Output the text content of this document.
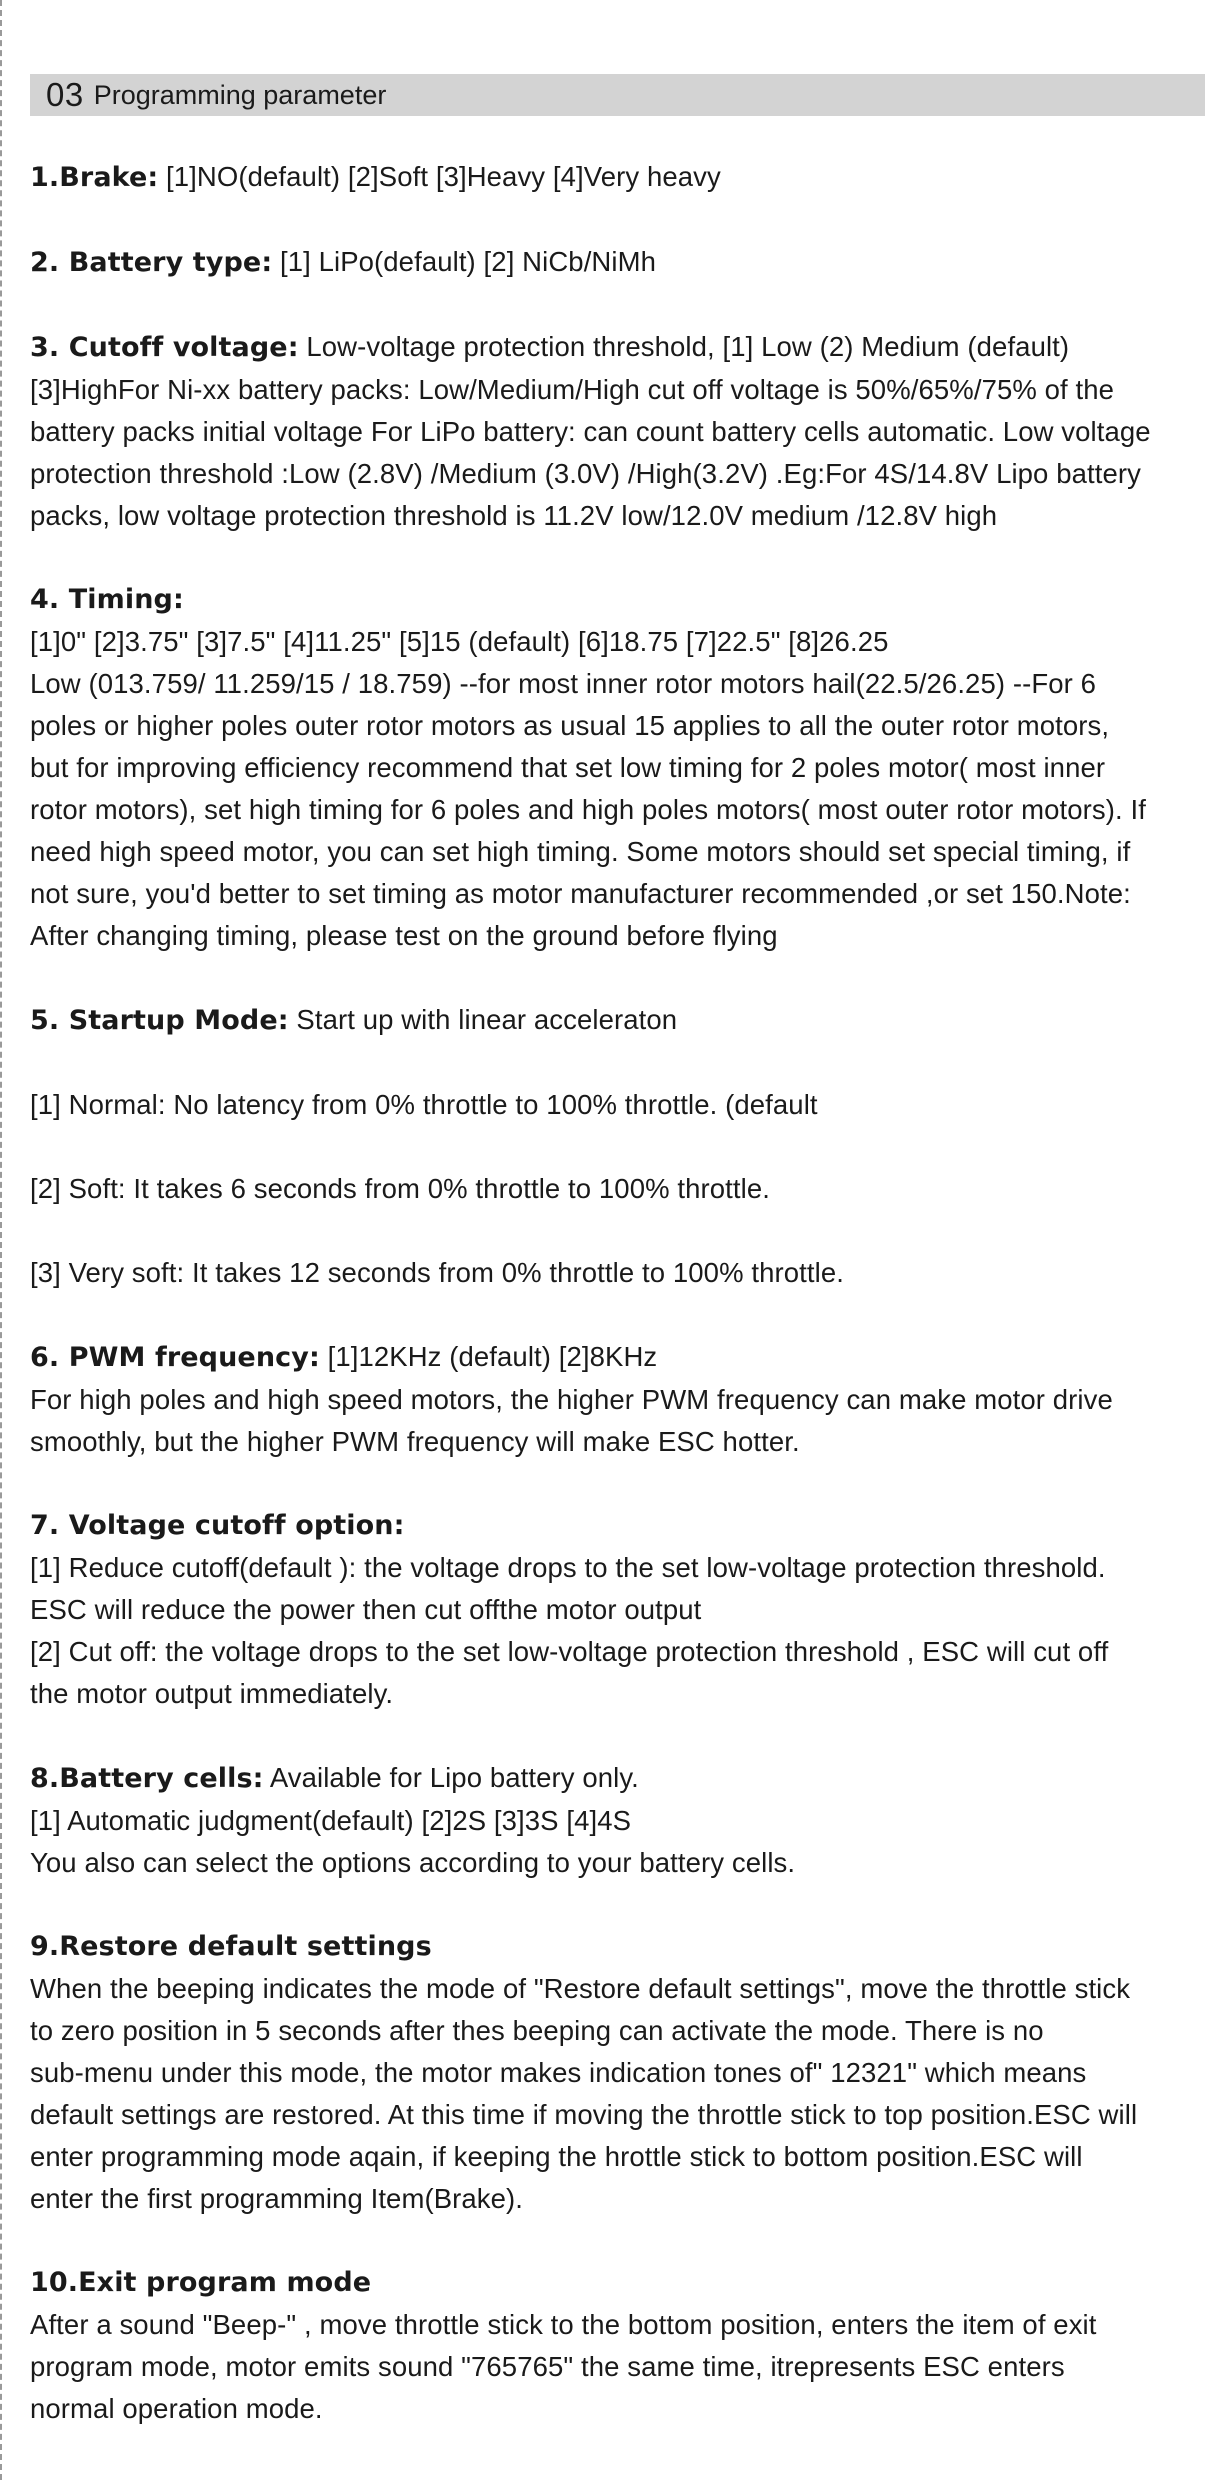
03 Programming parameter
1.Brake: [1]NO(default) [2]Soft [3]Heavy [4]Very heavy
2. Battery type: [1] LiPo(default) [2] NiCb/NiMh
3. Cutoff voltage: Low-voltage protection threshold, [1] Low (2) Medium (default)
[3]HighFor Ni-xx battery packs: Low/Medium/High cut off voltage is 50%/65%/75% of the
battery packs initial voltage For LiPo battery: can count battery cells automatic. Low voltage
protection threshold :Low (2.8V) /Medium (3.0V) /High(3.2V) .Eg:For 4S/14.8V Lipo battery
packs, low voltage protection threshold is 11.2V low/12.0V medium /12.8V high
4. Timing:
[1]0" [2]3.75" [3]7.5" [4]11.25" [5]15 (default) [6]18.75 [7]22.5" [8]26.25
Low (013.759/ 11.259/15 / 18.759) --for most inner rotor motors hail(22.5/26.25) --For 6
poles or higher poles outer rotor motors as usual 15 applies to all the outer rotor motors,
but for improving efficiency recommend that set low timing for 2 poles motor( most inner
rotor motors), set high timing for 6 poles and high poles motors( most outer rotor motors). If
need high speed motor, you can set high timing. Some motors should set special timing, if
not sure, you'd better to set timing as motor manufacturer recommended ,or set 150.Note:
After changing timing, please test on the ground before flying
5. Startup Mode: Start up with linear acceleraton
[1] Normal: No latency from 0% throttle to 100% throttle. (default
[2] Soft: It takes 6 seconds from 0% throttle to 100% throttle.
[3] Very soft: It takes 12 seconds from 0% throttle to 100% throttle.
6. PWM frequency: [1]12KHz (default) [2]8KHz
For high poles and high speed motors, the higher PWM frequency can make motor drive
smoothly, but the higher PWM frequency will make ESC hotter.
7. Voltage cutoff option:
[1] Reduce cutoff(default ): the voltage drops to the set low-voltage protection threshold.
ESC will reduce the power then cut offthe motor output
[2] Cut off: the voltage drops to the set low-voltage protection threshold , ESC will cut off
the motor output immediately.
8.Battery cells: Available for Lipo battery only.
[1] Automatic judgment(default) [2]2S [3]3S [4]4S
You also can select the options according to your battery cells.
9.Restore default settings
When the beeping indicates the mode of "Restore default settings", move the throttle stick
to zero position in 5 seconds after thes beeping can activate the mode. There is no
sub-menu under this mode, the motor makes indication tones of" 12321" which means
default settings are restored. At this time if moving the throttle stick to top position.ESC will
enter programming mode aqain, if keeping the hrottle stick to bottom position.ESC will
enter the first programming Item(Brake).
10.Exit program mode
After a sound "Beep-" , move throttle stick to the bottom position, enters the item of exit
program mode, motor emits sound "765765" the same time, itrepresents ESC enters
normal operation mode.
